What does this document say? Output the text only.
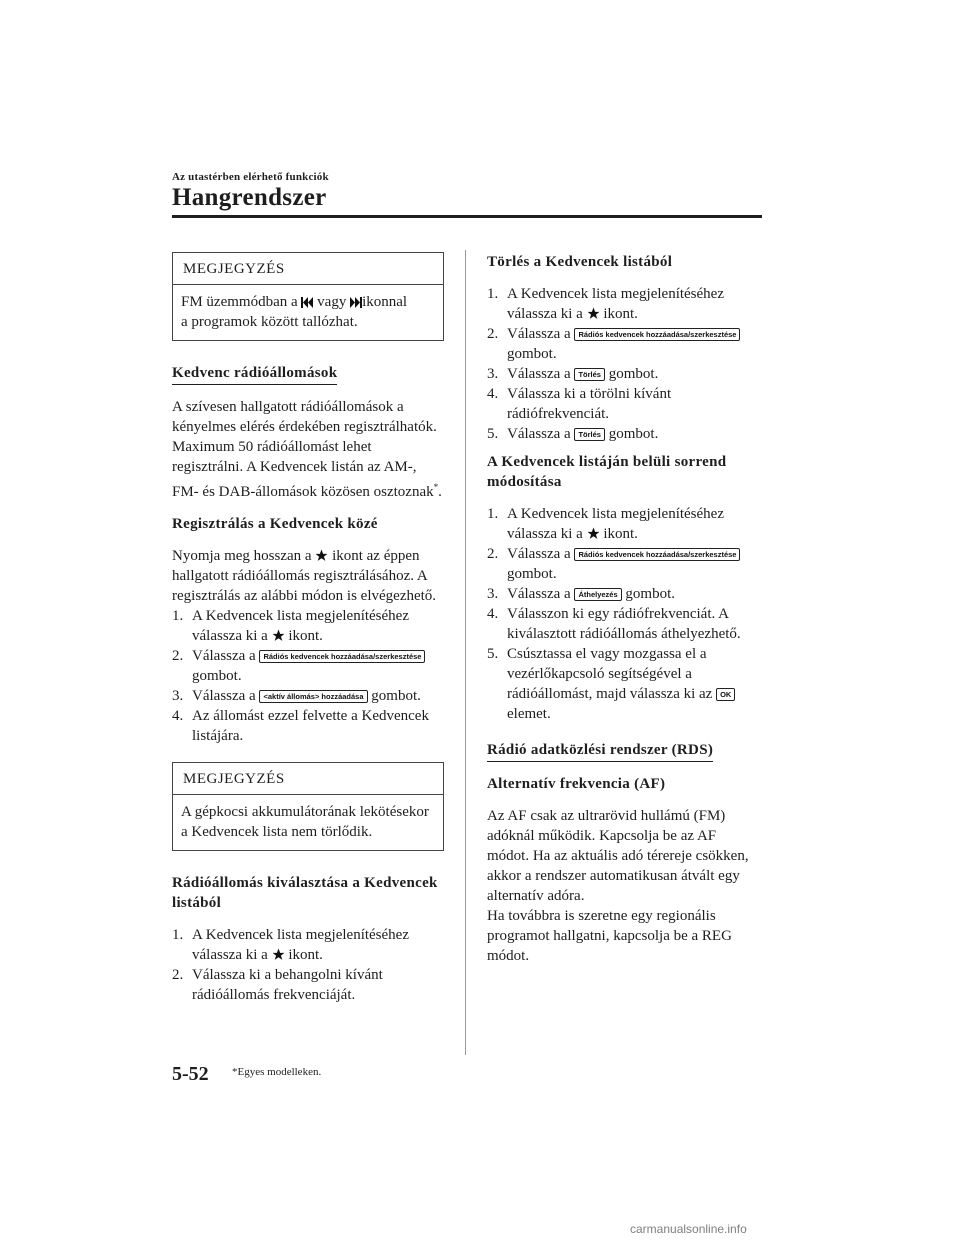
Az utastérben elérhető funkciók
Hangrendszer
MEGJEGYZÉS
FM üzemmódban a vagy ikonnal
a programok között tallózhat.
Kedvenc rádióállomások

A szívesen hallgatott rádióállomások a kényelmes elérés érdekében regisztrálhatók. Maximum 50 rádióállomást lehet regisztrálni. A Kedvencek listán az AM-, FM- és DAB-állomások közösen osztoznak*.

Regisztrálás a Kedvencek közé

Nyomja meg hosszan a ikont az éppen hallgatott rádióállomás regisztrálásához. A regisztrálás az alábbi módon is elvégezhető.

1. A Kedvencek lista megjelenítéséhez válassza ki a ikont.
2. Válassza a Rádiós kedvencek hozzáadása/szerkesztése
gombot.
3. Válassza a <aktív állomás> hozzáadása gombot.
4. Az állomást ezzel felvette a Kedvencek listájára.
MEGJEGYZÉS
A gépkocsi akkumulátorának lekötésekor a Kedvencek lista nem törlődik.
Rádióállomás kiválasztása a Kedvencek listából
1. A Kedvencek lista megjelenítéséhez válassza ki a ikont.
2. Válassza ki a behangolni kívánt rádióállomás frekvenciáját.
Törlés a Kedvencek listából
1. A Kedvencek lista megjelenítéséhez válassza ki a ikont.
2. Válassza a Rádiós kedvencek hozzáadása/szerkesztése
gombot.
3. Válassza a Törlés gombot.
4. Válassza ki a törölni kívánt rádiófrekvenciát.
5. Válassza a Törlés gombot.
A Kedvencek listáján belüli sorrend módosítása
1. A Kedvencek lista megjelenítéséhez válassza ki a ikont.
2. Válassza a Rádiós kedvencek hozzáadása/szerkesztése
gombot.
3. Válassza a Áthelyezés gombot.
4. Válasszon ki egy rádiófrekvenciát. A kiválasztott rádióállomás áthelyezhető.
5. Csúsztassa el vagy mozgassa el a vezérlőkapcsoló segítségével a rádióállomást, majd válassza ki az OK
elemet.
Rádió adatközlési rendszer (RDS)
Alternatív frekvencia (AF)

Az AF csak az ultrarövid hullámú (FM) adóknál működik. Kapcsolja be az AF módot. Ha az aktuális adó térereje csökken, akkor a rendszer automatikusan átvált egy alternatív adóra.

Ha továbbra is szeretne egy regionális programot hallgatni, kapcsolja be a REG módot.

5-52 *Egyes modelleken.
carmanualsonline.info
